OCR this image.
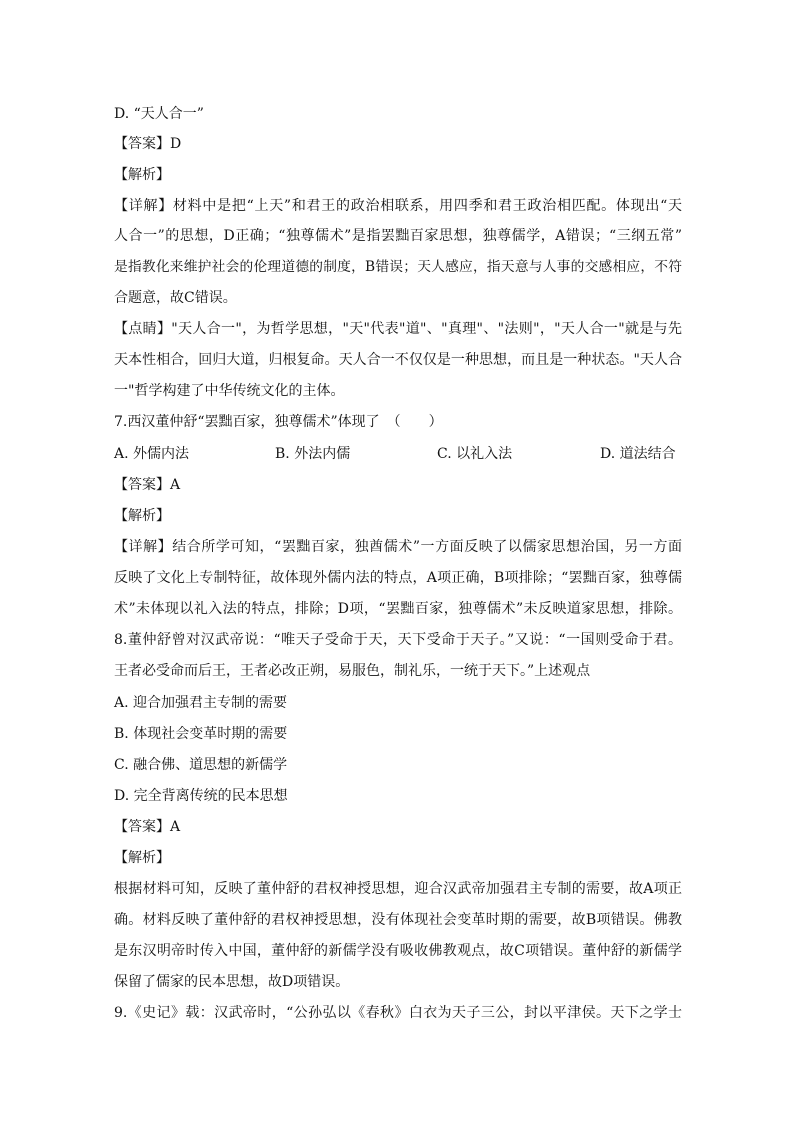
D. “天人合一”
【答案】D
【解析】
【详解】材料中是把“上天”和君王的政治相联系，用四季和君王政治相匹配。体现出“天
人合一”的思想，D正确；“独尊儒术”是指罢黜百家思想，独尊儒学，A错误；“三纲五常”
是指教化来维护社会的伦理道德的制度，B错误；天人感应，指天意与人事的交感相应，不符
合题意，故C错误。
【点睛】"天人合一"，为哲学思想，"天"代表"道"、"真理"、"法则"，"天人合一"就是与先
天本性相合，回归大道，归根复命。天人合一不仅仅是一种思想，而且是一种状态。"天人合
一"哲学构建了中华传统文化的主体。
7.西汉董仲舒“罢黜百家，独尊儒术”体现了　（　　）
A. 外儒内法	B. 外法内儒	C. 以礼入法	D. 道法结合
【答案】A
【解析】
【详解】结合所学可知，“罢黜百家，独酋儒术”一方面反映了以儒家思想治国，另一方面
反映了文化上专制特征，故体现外儒内法的特点，A项正确，B项排除；“罢黜百家，独尊儒
术”未体现以礼入法的特点，排除；D项，“罢黜百家，独尊儒术”未反映道家思想，排除。
8.董仲舒曾对汉武帝说：“唯天子受命于天，天下受命于天子。”又说：“一国则受命于君。
王者必受命而后王，王者必改正朔，易服色，制礼乐，一统于天下。”上述观点
A. 迎合加强君主专制的需要
B. 体现社会变革时期的需要
C. 融合佛、道思想的新儒学
D. 完全背离传统的民本思想
【答案】A
【解析】
根据材料可知，反映了董仲舒的君权神授思想，迎合汉武帝加强君主专制的需要，故A项正
确。材料反映了董仲舒的君权神授思想，没有体现社会变革时期的需要，故B项错误。佛教
是东汉明帝时传入中国，董仲舒的新儒学没有吸收佛教观点，故C项错误。董仲舒的新儒学
保留了儒家的民本思想，故D项错误。
9.《史记》载：汉武帝时，“公孙弘以《春秋》白衣为天子三公，封以平津侯。天下之学士
